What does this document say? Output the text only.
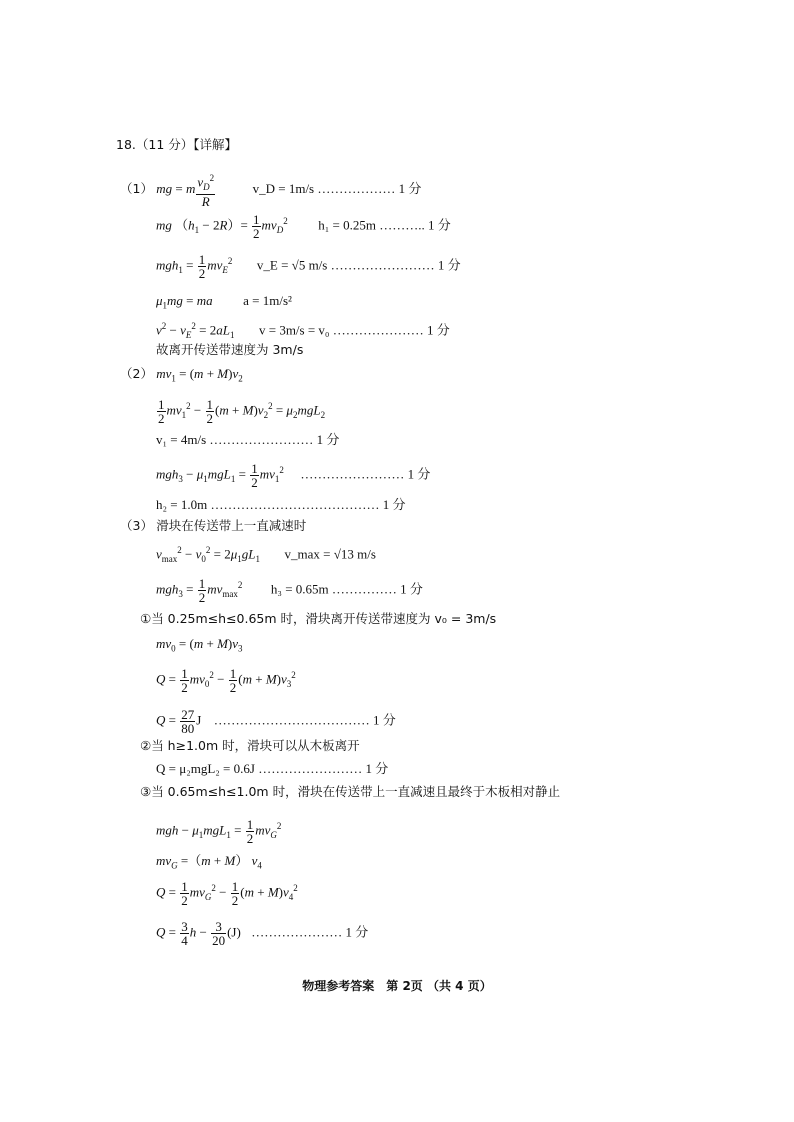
18.（11 分）【详解】
（1） mg = m $\frac{v_D^2}{R}$	v_D = 1m/s ……………… 1 分
mg $(h_1 - 2R)= \frac{1}{2} mv_D^2$ h₁ = 0.25m ……….. 1 分
$mgh_1 = \frac{1}{2} mv_E^2$ v_E = √5 m/s …………………… 1 分
$\mu_1mg$ = ma a = 1m/s²
$v^2 - v_E^2 = 2aL_1$ v = 3m/s = v₀ ………………… 1 分
故离开传送带速度为 3m/s
（2） $mv_1 = (m + M)v_2$
$\frac{1}{2} mv_1^2 - \frac{1}{2} (m + M)v_2^2 = \mu_2mgL_2$
v₁ = 4m/s …………………… 1 分
$mgh_3 - \mu_1mgL_1 = \frac{1}{2} mv_1^2$ …………………… 1 分
h₂ = 1.0m ………………………………… 1 分
（3） 滑块在传送带上一直减速时
$v_{max}^2 - v_0^2 = 2\mu_1gL_1$ v_max = √13 m/s
$mgh_3 = \frac{1}{2} mv_{max}^2$ h₃ = 0.65m …………… 1 分
①当 0.25m≤h≤0.65m 时，滑块离开传送带速度为 v₀ = 3m/s
$mv_0 = (m + M)v_3$
$Q = \frac{1}{2} mv_0^2 - \frac{1}{2} (m + M)v_3^2$
$Q = \frac{27}{80}$ J  ……………………………… 1 分
②当 h≥1.0m 时，滑块可以从木板离开
Q = μ₂mgL₂ = 0.6J …………………… 1 分
③当 0.65m≤h≤1.0m 时，滑块在传送带上一直减速且最终于木板相对静止
mgh − $\mu_1mgL_1 = \frac{1}{2} mv_G^2$
$mv_G =(m + M)$ $v_4$
$Q = \frac{1}{2} mv_G^2 - \frac{1}{2} (m + M)v_4^2$
$Q = \frac{3}{4}$ $h - \frac{3}{20} (J)$  ………………… 1 分
物理参考答案　第 2页 （共 4 页）
